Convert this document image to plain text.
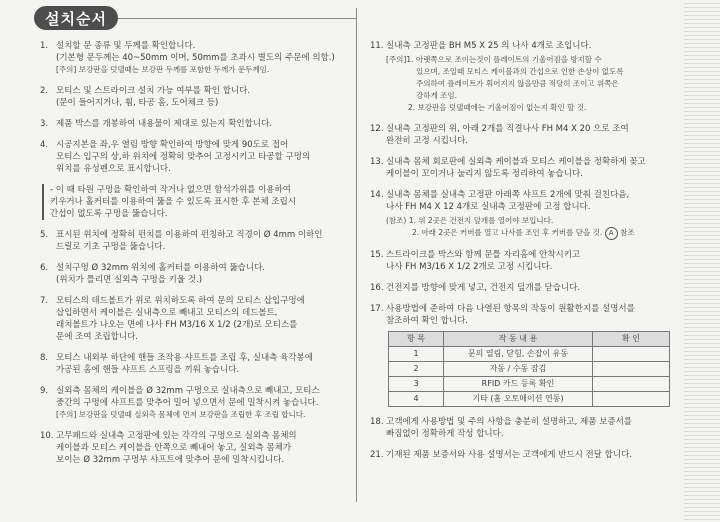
설치순서
1. 설치할 문 종류 및 두께를 확인합니다.
(기본형 문두께는 40~50mm 이며, 50mm를 초과시 별도의 주문에 의함.)
[주의] 보강판을 덧댈때는 보강판 두께를 포함한 두께가 문두께임.
2. 모티스 및 스트라이크 설치 가능 여부를 확인 합니다.
(문이 들어지거나, 휨, 타공 홈, 도어체크 등)
3. 제품 박스를 개봉하여 내용물이 제대로 있는지 확인합니다.
4. 시공지본을 좌,우 열림 방향 확인하여 방향에 맞게 90도로 접어
모티스 입구의 상,하 위치에 정확히 맞추어 고정시키고 타공할 구멍의
위치를 유성펜으로 표시합니다.
- 이 때 타원 구멍을 확인하여 작거나 없으면 함석가위를 이용하여
키우거나 홀커터를 이용하여 뚫을 수 있도록 표시한 후 본체 조립시
간섭이 없도록 구멍을 뚫습니다.
5. 표시된 위치에 정확히 펀치를 이용하여 펀칭하고 직경이 Ø 4mm 이하인
드릴로 기초 구멍을 뚫습니다.
6. 설치구멍 Ø 32mm 위치에 홀커터를 이용하여 뚫습니다.
(위치가 틀리면 실외측 구멍을 키울 것.)
7. 모티스의 데드볼트가 위로 위치하도록 하여 문의 모티스 삽입구멍에
삽입하면서 케이블은 실내측으로 빼내고 모티스의 데드볼트,
래치볼트가 나오는 면에 나사 FH M3/16 X 1/2 (2개)로 모티스를
문에 조여 조립합니다.
8. 모티스 내외부 하단에 핸들 조작용 샤프트를 조립 후, 실내측 육각봉에
가공된 홈에 핸들 샤프트 스프링을 끼워 놓습니다.
9. 실외측 몸체의 케이블을 Ø 32mm 구멍으로 실내측으로 빼내고, 모티스
중간의 구멍에 샤프트를 맞추어 밀어 넣으면서 문에 밀착시켜 놓습니다.
[주의] 보강판을 덧댈때 실외측 몸체에 먼저 보강판을 조립한 후 조립 합니다.
10. 고무패드와 실내측 고정판에 있는 각각의 구멍으로 실외측 몸체의
케이블과 모티스 케이블을 안쪽으로 빼내어 놓고, 실외측 몸체가
보이는 Ø 32mm 구멍부 샤프트에 맞추어 문에 밀착시킵니다.
11. 실내측 고정판을 BH M5 X 25 의 나사 4개로 조입니다.
[주의]1. 아랫쪽으로 조이는것이 플레이트의 기울어짐을 방지할 수
있으며, 조일때 모티스 케이블과의 간섭으로 인한 손상이 없도록
주의하여 플레이트가 휘어지지 않을만큼 적당히 조이고 위쪽은
강하게 조임.
2. 보강판을 덧댈때에는 기울어짐이 없는지 확인 할 것.
12. 실내측 고정판의 위, 아래 2개를 직결나사 FH M4 X 20 으로 조여
완전히 고정 시킵니다.
13. 실내측 몸체 회로판에 실외측 케이블과 모티스 케이블을 정확하게 꽂고
케이블이 꼬이거나 눌리지 않도록 정리하여 놓습니다.
14. 실내측 몸체를 실내측 고정판 아래쪽 샤프트 2개에 맞춰 걸친다음,
나사 FH M4 X 12 4개로 실내측 고정판에 고정 합니다.
(참조) 1. 위 2곳은 건전지 덮개를 열어야 보입니다.
2. 아래 2곳은 커버를 열고 나사를 조인 후 커버를 닫을 것. A 참조
15. 스트라이크를 박스와 함께 문틀 자리홈에 안착시키고
나사 FH M3/16 X 1/2 2개로 고정 시킵니다.
16. 건전지를 방향에 맞게 넣고, 건전지 덮개를 닫습니다.
17. 사용방법에 준하여 다음 나열된 항목의 작동이 원활한지를 설명서를
참조하여 확인 합니다.
항 목	작 동 내 용	확 인
1	문의 열림, 닫힘, 손잡이 유동	
2	자동 / 수동 잠김	
3	RFID 카드 등록 확인	
4	기타 (홈 오토메이션 연동)	
18. 고객에게 사용방법 및 주의 사항을 충분히 설명하고, 제품 보증서를
빠짐없이 정확하게 작성 합니다.
21. 기재된 제품 보증서와 사용 설명서는 고객에게 반드시 전달 합니다.
